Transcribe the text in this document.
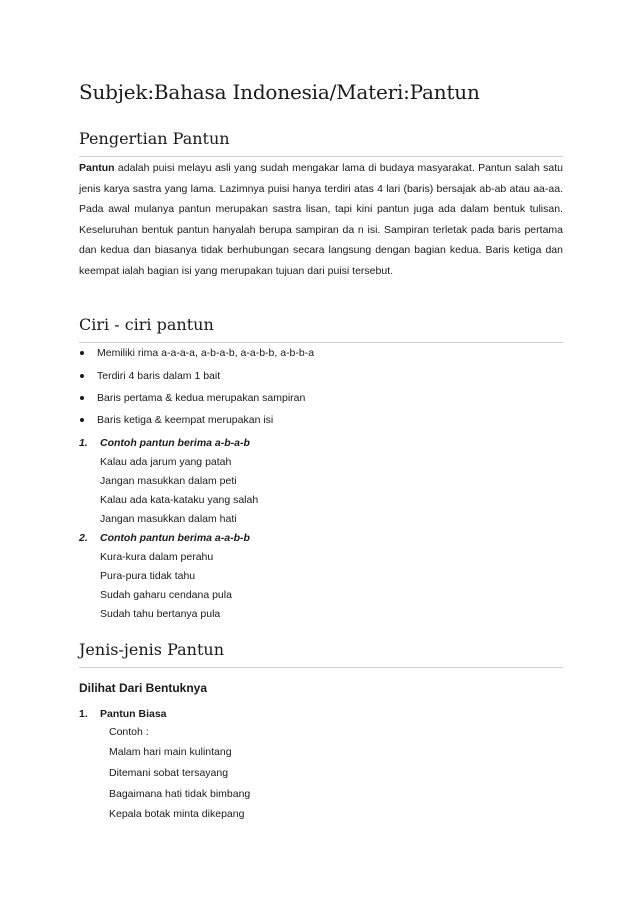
Subjek:Bahasa Indonesia/Materi:Pantun
Pengertian Pantun
Pantun adalah puisi melayu asli yang sudah mengakar lama di budaya masyarakat. Pantun salah satu jenis karya sastra yang lama. Lazimnya puisi hanya terdiri atas 4 lari (baris) bersajak ab-ab atau aa-aa. Pada awal mulanya pantun merupakan sastra lisan, tapi kini pantun juga ada dalam bentuk tulisan. Keseluruhan bentuk pantun hanyalah berupa sampiran da n isi. Sampiran terletak pada baris pertama dan kedua dan biasanya tidak berhubungan secara langsung dengan bagian kedua. Baris ketiga dan keempat ialah bagian isi yang merupakan tujuan dari puisi tersebut.
Ciri - ciri pantun
Memiliki rima a-a-a-a, a-b-a-b, a-a-b-b, a-b-b-a
Terdiri 4 baris dalam 1 bait
Baris pertama & kedua merupakan sampiran
Baris ketiga & keempat merupakan isi
1. Contoh pantun berima a-b-a-b
Kalau ada jarum yang patah
Jangan masukkan dalam peti
Kalau ada kata-kataku yang salah
Jangan masukkan dalam hati
2. Contoh pantun berima a-a-b-b
Kura-kura dalam perahu
Pura-pura tidak tahu
Sudah gaharu cendana pula
Sudah tahu bertanya pula
Jenis-jenis Pantun
Dilihat Dari Bentuknya
1. Pantun Biasa
Contoh :
Malam hari main kulintang
Ditemani sobat tersayang
Bagaimana hati tidak bimbang
Kepala botak minta dikepang
